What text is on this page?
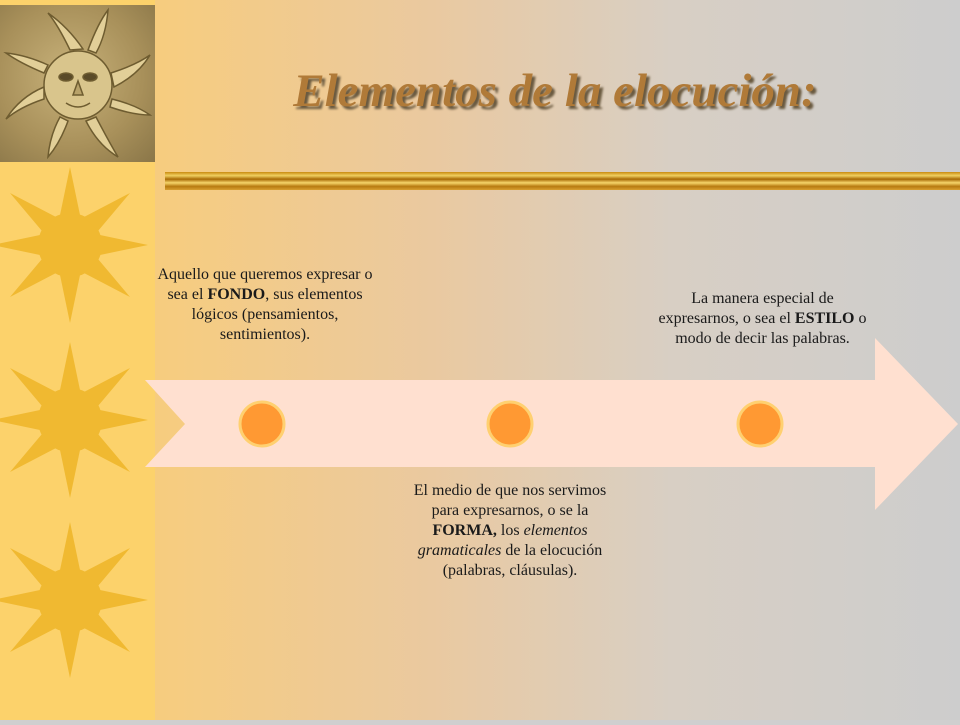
Elementos de la elocución:

Aquello que queremos expresar o sea el FONDO, sus elementos lógicos (pensamientos, sentimientos).

El medio de que nos servimos para expresarnos, o se la FORMA, los elementos gramaticales de la elocución (palabras, cláusulas).

La manera especial de expresarnos, o sea el ESTILO o modo de decir las palabras.
